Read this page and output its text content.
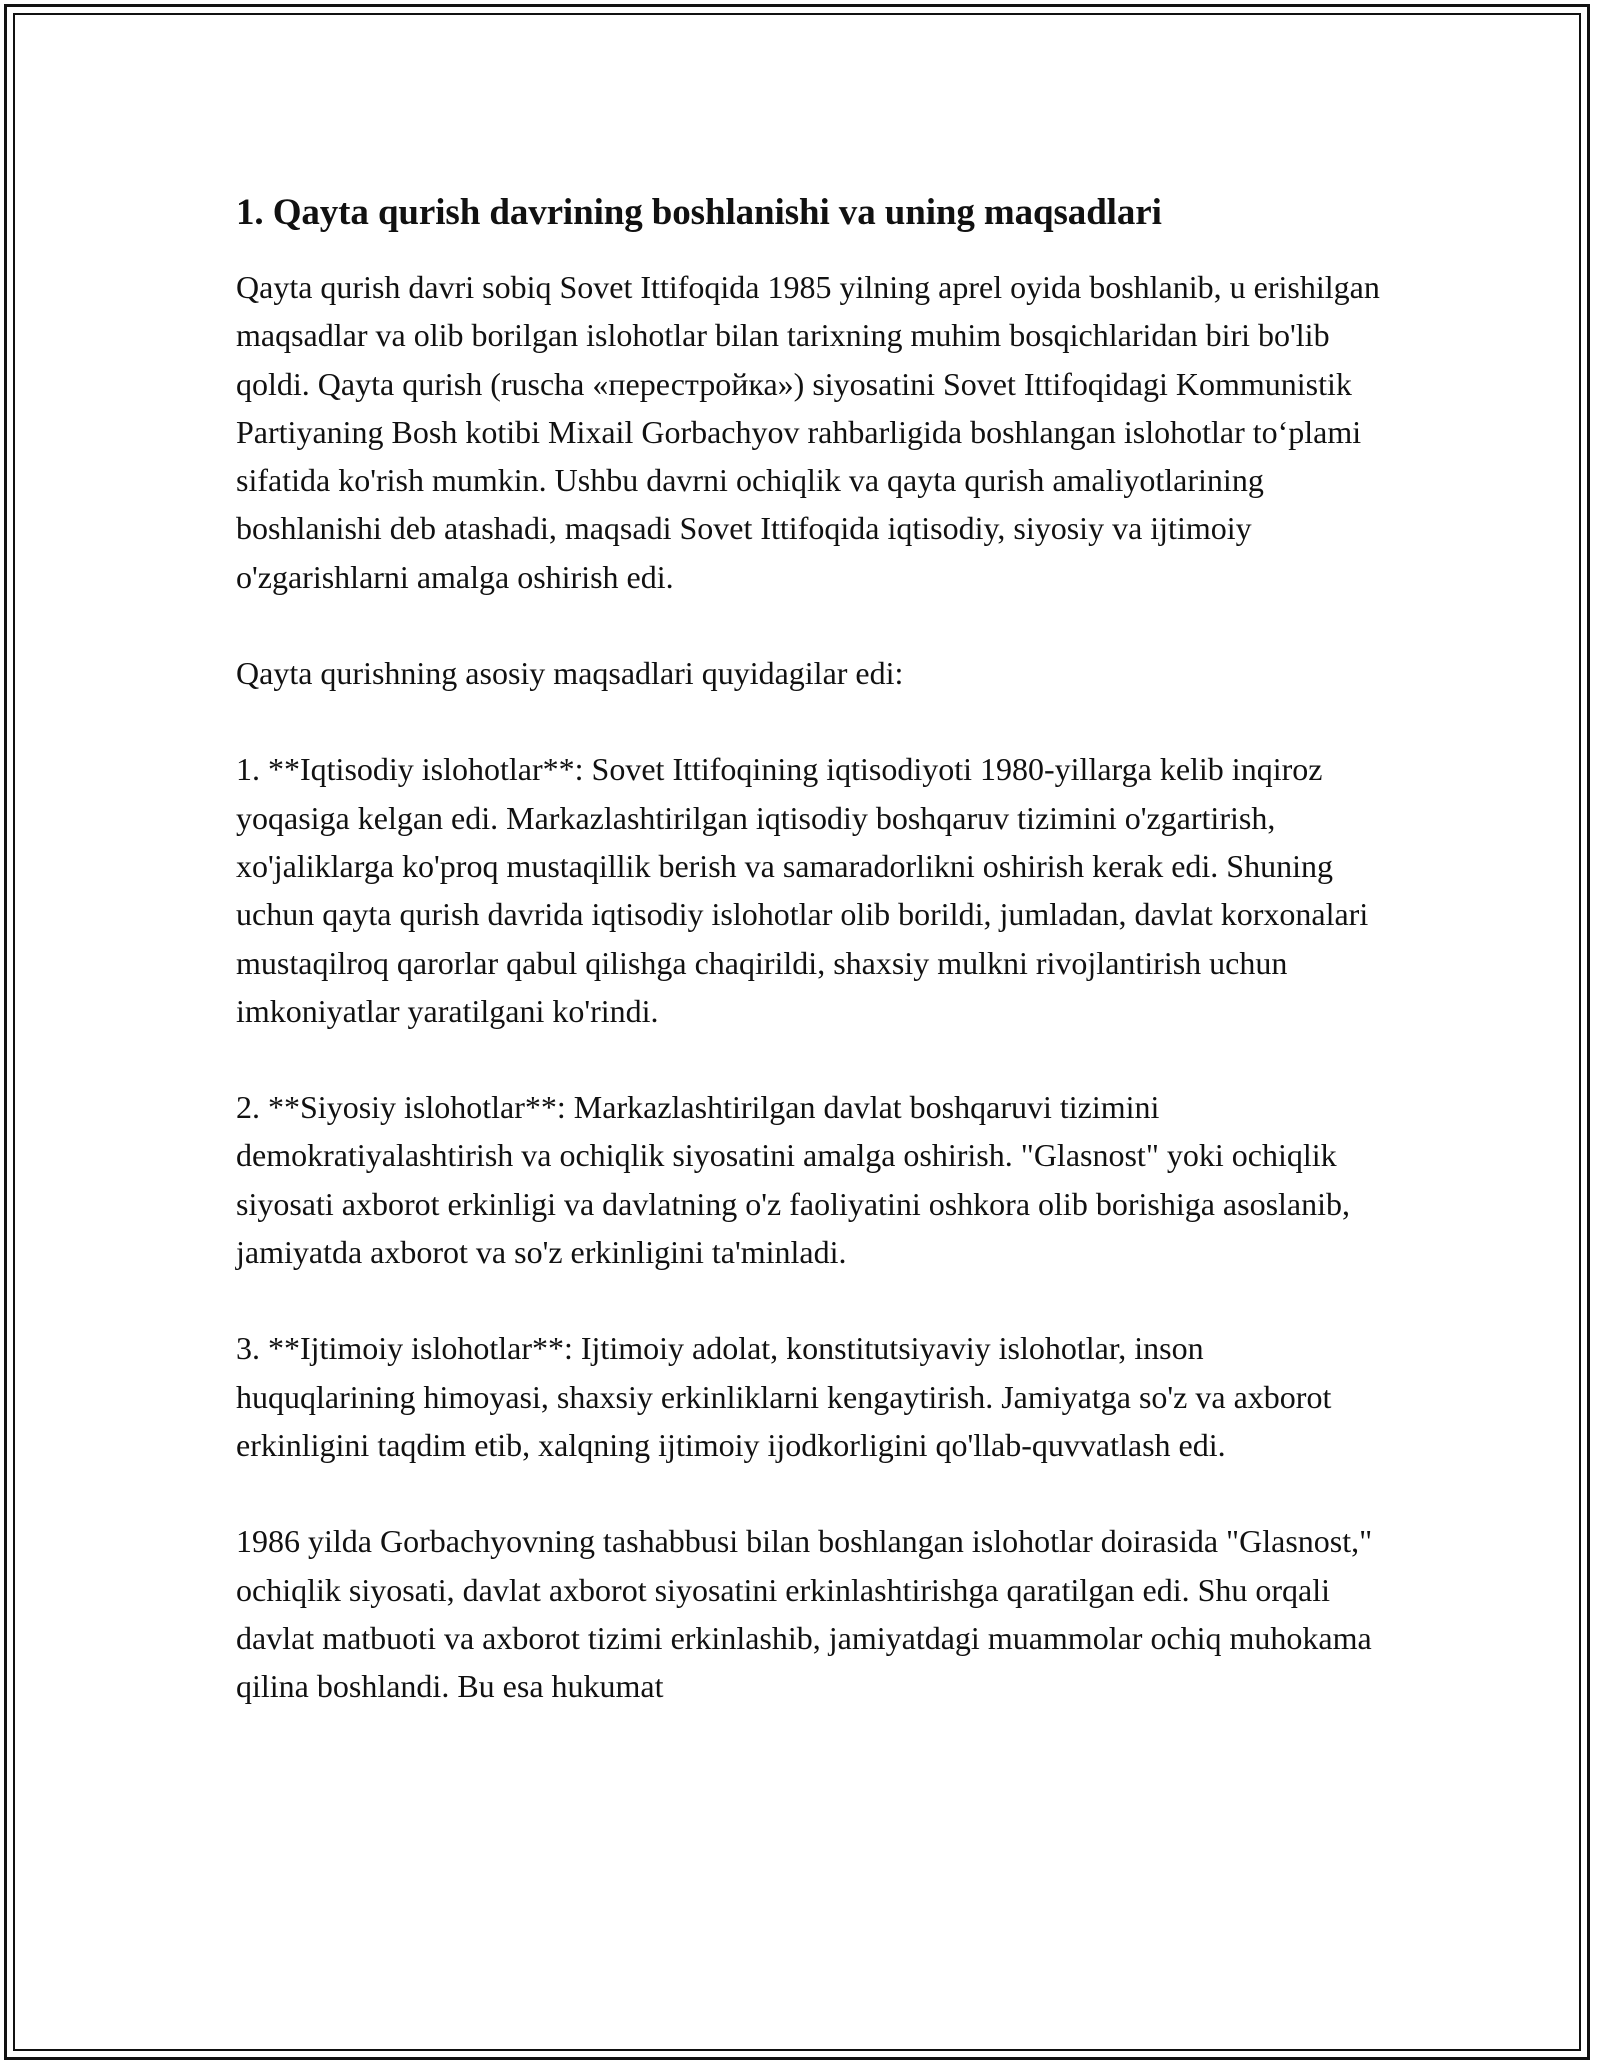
1. Qayta qurish davrining boshlanishi va uning maqsadlari

Qayta qurish davri sobiq Sovet Ittifoqida 1985 yilning aprel oyida boshlanib, u erishilgan maqsadlar va olib borilgan islohotlar bilan tarixning muhim bosqichlaridan biri bo'lib qoldi. Qayta qurish (ruscha «перестройка») siyosatini Sovet Ittifoqidagi Kommunistik Partiyaning Bosh kotibi Mixail Gorbachyov rahbarligida boshlangan islohotlar to‘plami sifatida ko'rish mumkin. Ushbu davrni ochiqlik va qayta qurish amaliyotlarining boshlanishi deb atashadi, maqsadi Sovet Ittifoqida iqtisodiy, siyosiy va ijtimoiy o'zgarishlarni amalga oshirish edi.

Qayta qurishning asosiy maqsadlari quyidagilar edi:

1. **Iqtisodiy islohotlar**: Sovet Ittifoqining iqtisodiyoti 1980-yillarga kelib inqiroz yoqasiga kelgan edi. Markazlashtirilgan iqtisodiy boshqaruv tizimini o'zgartirish, xo'jaliklarga ko'proq mustaqillik berish va samaradorlikni oshirish kerak edi. Shuning uchun qayta qurish davrida iqtisodiy islohotlar olib borildi, jumladan, davlat korxonalari mustaqilroq qarorlar qabul qilishga chaqirildi, shaxsiy mulkni rivojlantirish uchun imkoniyatlar yaratilgani ko'rindi.

2. **Siyosiy islohotlar**: Markazlashtirilgan davlat boshqaruvi tizimini demokratiyalashtirish va ochiqlik siyosatini amalga oshirish. "Glasnost" yoki ochiqlik siyosati axborot erkinligi va davlatning o'z faoliyatini oshkora olib borishiga asoslanib, jamiyatda axborot va so'z erkinligini ta'minladi.

3. **Ijtimoiy islohotlar**: Ijtimoiy adolat, konstitutsiyaviy islohotlar, inson huquqlarining himoyasi, shaxsiy erkinliklarni kengaytirish. Jamiyatga so'z va axborot erkinligini taqdim etib, xalqning ijtimoiy ijodkorligini qo'llab-quvvatlash edi.

1986 yilda Gorbachyovning tashabbusi bilan boshlangan islohotlar doirasida "Glasnost," ochiqlik siyosati, davlat axborot siyosatini erkinlashtirishga qaratilgan edi. Shu orqali davlat matbuoti va axborot tizimi erkinlashib, jamiyatdagi muammolar ochiq muhokama qilina boshlandi. Bu esa hukumat
